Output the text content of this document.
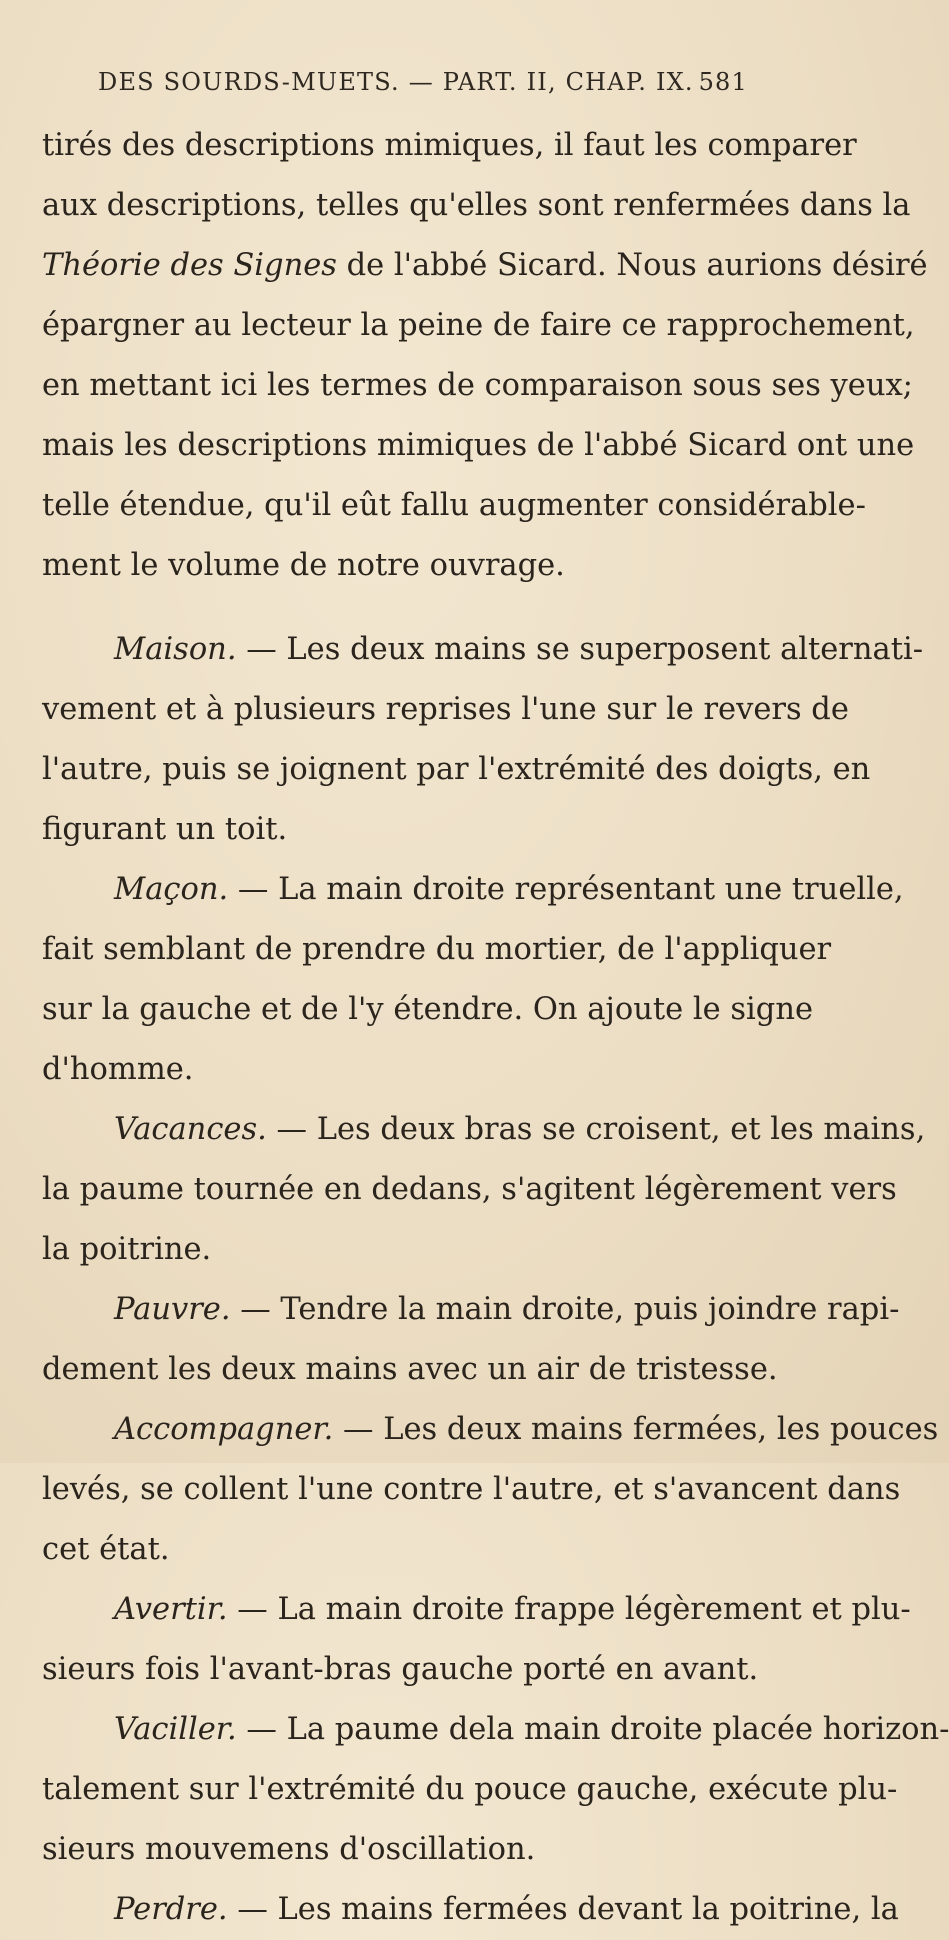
DES SOURDS-MUETS. — PART. II, CHAP. IX. 581
tirés des descriptions mimiques, il faut les comparer
aux descriptions, telles qu'elles sont renfermées dans la
Théorie des Signes de l'abbé Sicard. Nous aurions désiré
épargner au lecteur la peine de faire ce rapprochement,
en mettant ici les termes de comparaison sous ses yeux;
mais les descriptions mimiques de l'abbé Sicard ont une
telle étendue, qu'il eût fallu augmenter considérable-
ment le volume de notre ouvrage.
Maison. — Les deux mains se superposent alternati-
vement et à plusieurs reprises l'une sur le revers de
l'autre, puis se joignent par l'extrémité des doigts, en
figurant un toit.
Maçon. — La main droite représentant une truelle,
fait semblant de prendre du mortier, de l'appliquer
sur la gauche et de l'y étendre. On ajoute le signe
d'homme.
Vacances. — Les deux bras se croisent, et les mains,
la paume tournée en dedans, s'agitent légèrement vers
la poitrine.
Pauvre. — Tendre la main droite, puis joindre rapi-
dement les deux mains avec un air de tristesse.
Accompagner. — Les deux mains fermées, les pouces
levés, se collent l'une contre l'autre, et s'avancent dans
cet état.
Avertir. — La main droite frappe légèrement et plu-
sieurs fois l'avant-bras gauche porté en avant.
Vaciller. — La paume dela main droite placée horizon-
talement sur l'extrémité du pouce gauche, exécute plu-
sieurs mouvemens d'oscillation.
Perdre. — Les mains fermées devant la poitrine, la
